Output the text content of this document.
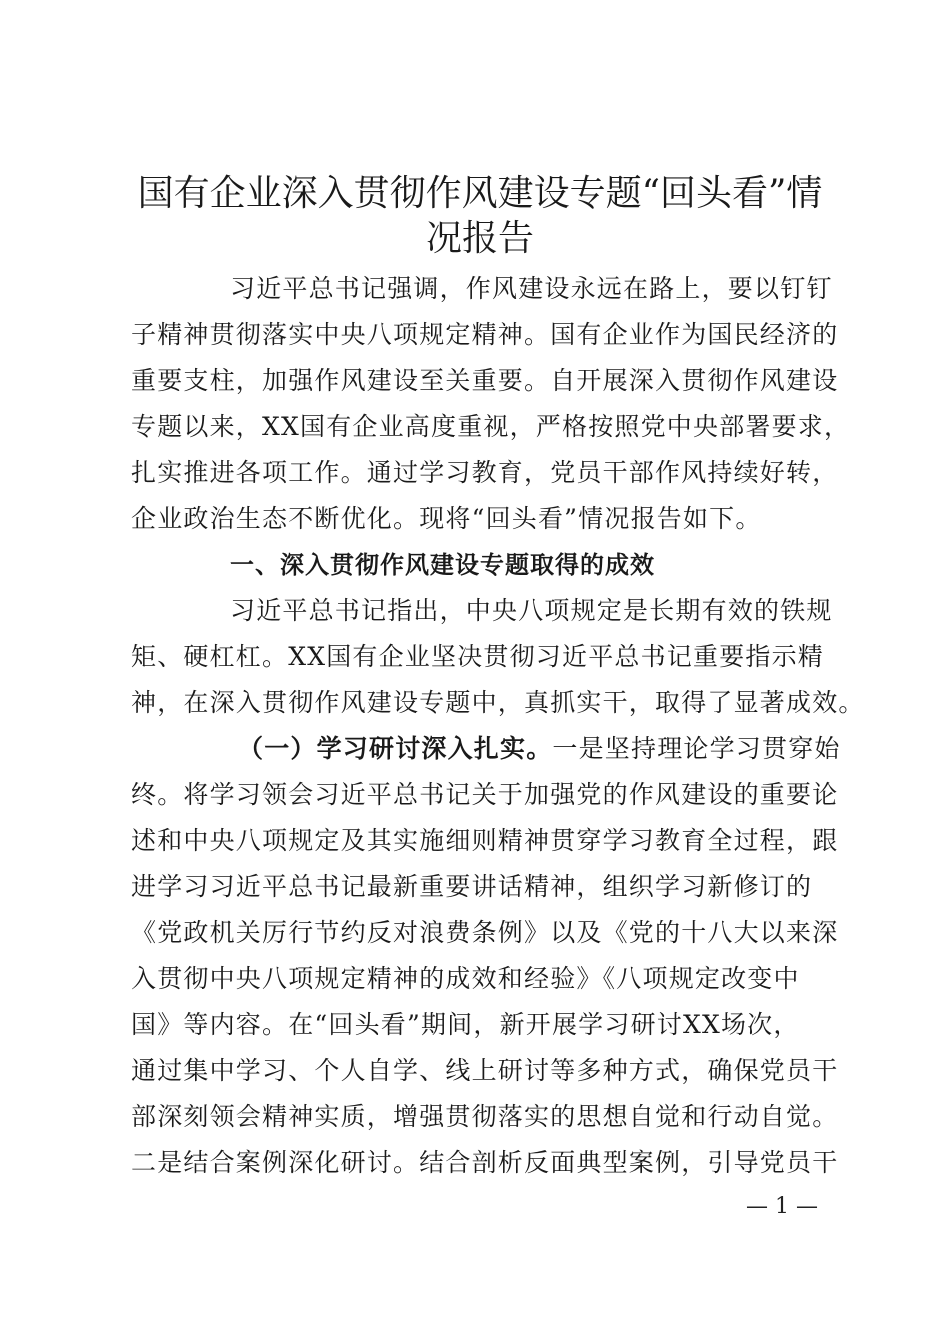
国有企业深入贯彻作风建设专题“回头看”情
况报告

习近平总书记强调，作风建设永远在路上，要以钉钉

子精神贯彻落实中央八项规定精神。国有企业作为国民经济的

重要支柱，加强作风建设至关重要。自开展深入贯彻作风建设

专题以来，XX国有企业高度重视，严格按照党中央部署要求，

扎实推进各项工作。通过学习教育，党员干部作风持续好转，

企业政治生态不断优化。现将“回头看”情况报告如下。

一、深入贯彻作风建设专题取得的成效

习近平总书记指出，中央八项规定是长期有效的铁规

矩、硬杠杠。XX国有企业坚决贯彻习近平总书记重要指示精

神，在深入贯彻作风建设专题中，真抓实干，取得了显著成效。

（一）学习研讨深入扎实。一是坚持理论学习贯穿始

终。将学习领会习近平总书记关于加强党的作风建设的重要论

述和中央八项规定及其实施细则精神贯穿学习教育全过程，跟

进学习习近平总书记最新重要讲话精神，组织学习新修订的

《党政机关厉行节约反对浪费条例》以及《党的十八大以来深

入贯彻中央八项规定精神的成效和经验》《八项规定改变中

国》等内容。在“回头看”期间，新开展学习研讨XX场次，

通过集中学习、个人自学、线上研讨等多种方式，确保党员干

部深刻领会精神实质，增强贯彻落实的思想自觉和行动自觉。

二是结合案例深化研讨。结合剖析反面典型案例，引导党员干

— 1 —
